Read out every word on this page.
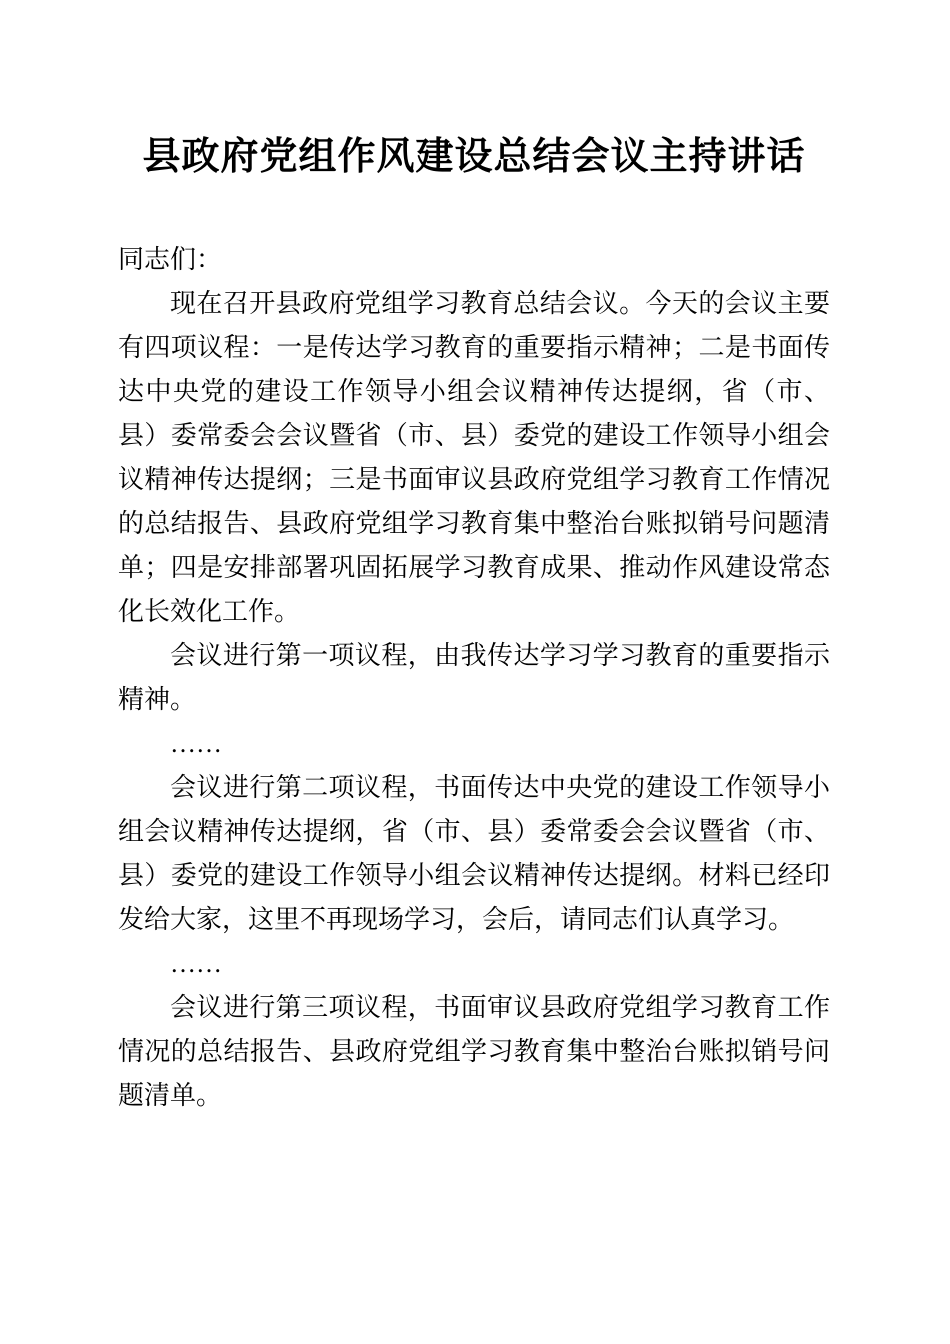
县政府党组作风建设总结会议主持讲话

同志们：

现在召开县政府党组学习教育总结会议。今天的会议主要有四项议程：一是传达学习教育的重要指示精神；二是书面传达中央党的建设工作领导小组会议精神传达提纲，省（市、县）委常委会会议暨省（市、县）委党的建设工作领导小组会议精神传达提纲；三是书面审议县政府党组学习教育工作情况的总结报告、县政府党组学习教育集中整治台账拟销号问题清单；四是安排部署巩固拓展学习教育成果、推动作风建设常态化长效化工作。

会议进行第一项议程，由我传达学习学习教育的重要指示精神。

……

会议进行第二项议程，书面传达中央党的建设工作领导小组会议精神传达提纲，省（市、县）委常委会会议暨省（市、县）委党的建设工作领导小组会议精神传达提纲。材料已经印发给大家，这里不再现场学习，会后，请同志们认真学习。

……

会议进行第三项议程，书面审议县政府党组学习教育工作情况的总结报告、县政府党组学习教育集中整治台账拟销号问题清单。
